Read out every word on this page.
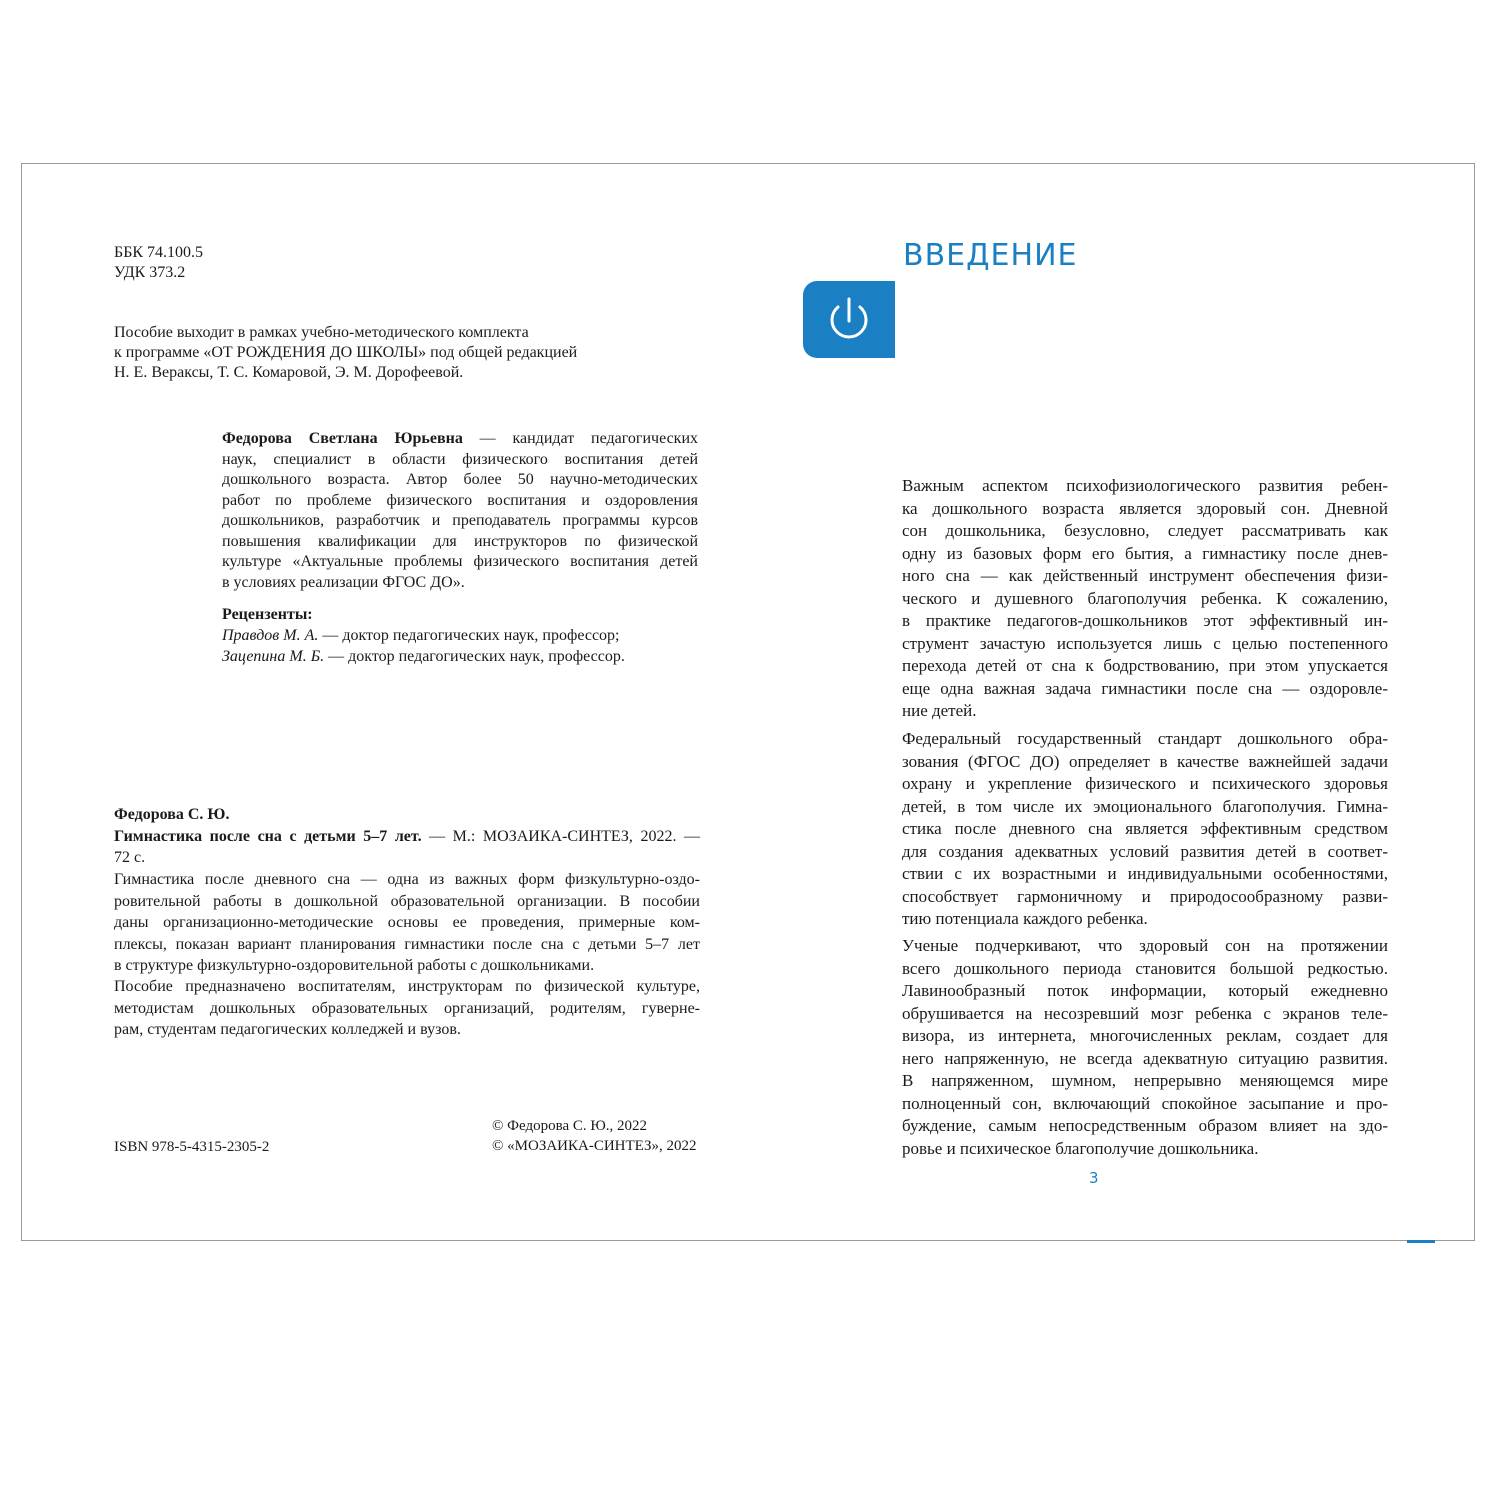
ББК 74.100.5
УДК 373.2
Пособие выходит в рамках учебно-методического комплекта
к программе «ОТ РОЖДЕНИЯ ДО ШКОЛЫ» под общей редакцией
Н. Е. Вераксы, Т. С. Комаровой, Э. М. Дорофеевой.
Федорова Светлана Юрьевна — кандидат педагогических
наук, специалист в области физического воспитания детей
дошкольного возраста. Автор более 50 научно-методических
работ по проблеме физического воспитания и оздоровления
дошкольников, разработчик и преподаватель программы курсов
повышения квалификации для инструкторов по физической
культуре «Актуальные проблемы физического воспитания детей
в условиях реализации ФГОС ДО».
Рецензенты:
Правдов М. А. — доктор педагогических наук, профессор;
Зацепина М. Б. — доктор педагогических наук, профессор.
Федорова С. Ю.
Гимнастика после сна с детьми 5–7 лет. — М.: МОЗАИКА-СИНТЕЗ, 2022. —
72 с.
Гимнастика после дневного сна — одна из важных форм физкультурно-оздо-
ровительной работы в дошкольной образовательной организации. В пособии
даны организационно-методические основы ее проведения, примерные ком-
плексы, показан вариант планирования гимнастики после сна с детьми 5–7 лет
в структуре физкультурно-оздоровительной работы с дошкольниками.
Пособие предназначено воспитателям, инструкторам по физической культуре,
методистам дошкольных образовательных организаций, родителям, гуверне-
рам, студентам педагогических колледжей и вузов.
ISBN 978-5-4315-2305-2
© Федорова С. Ю., 2022
© «МОЗАИКА-СИНТЕЗ», 2022
ВВЕДЕНИЕ
Важным аспектом психофизиологического развития ребен-
ка дошкольного возраста является здоровый сон. Дневной
сон дошкольника, безусловно, следует рассматривать как
одну из базовых форм его бытия, а гимнастику после днев-
ного сна — как действенный инструмент обеспечения физи-
ческого и душевного благополучия ребенка. К сожалению,
в практике педагогов-дошкольников этот эффективный ин-
струмент зачастую используется лишь с целью постепенного
перехода детей от сна к бодрствованию, при этом упускается
еще одна важная задача гимнастики после сна — оздоровле-
ние детей.
Федеральный государственный стандарт дошкольного обра-
зования (ФГОС ДО) определяет в качестве важнейшей задачи
охрану и укрепление физического и психического здоровья
детей, в том числе их эмоционального благополучия. Гимна-
стика после дневного сна является эффективным средством
для создания адекватных условий развития детей в соответ-
ствии с их возрастными и индивидуальными особенностями,
способствует гармоничному и природосообразному разви-
тию потенциала каждого ребенка.
Ученые подчеркивают, что здоровый сон на протяжении
всего дошкольного периода становится большой редкостью.
Лавинообразный поток информации, который ежедневно
обрушивается на несозревший мозг ребенка с экранов теле-
визора, из интернета, многочисленных реклам, создает для
него напряженную, не всегда адекватную ситуацию развития.
В напряженном, шумном, непрерывно меняющемся мире
полноценный сон, включающий спокойное засыпание и про-
буждение, самым непосредственным образом влияет на здо-
ровье и психическое благополучие дошкольника.
3
